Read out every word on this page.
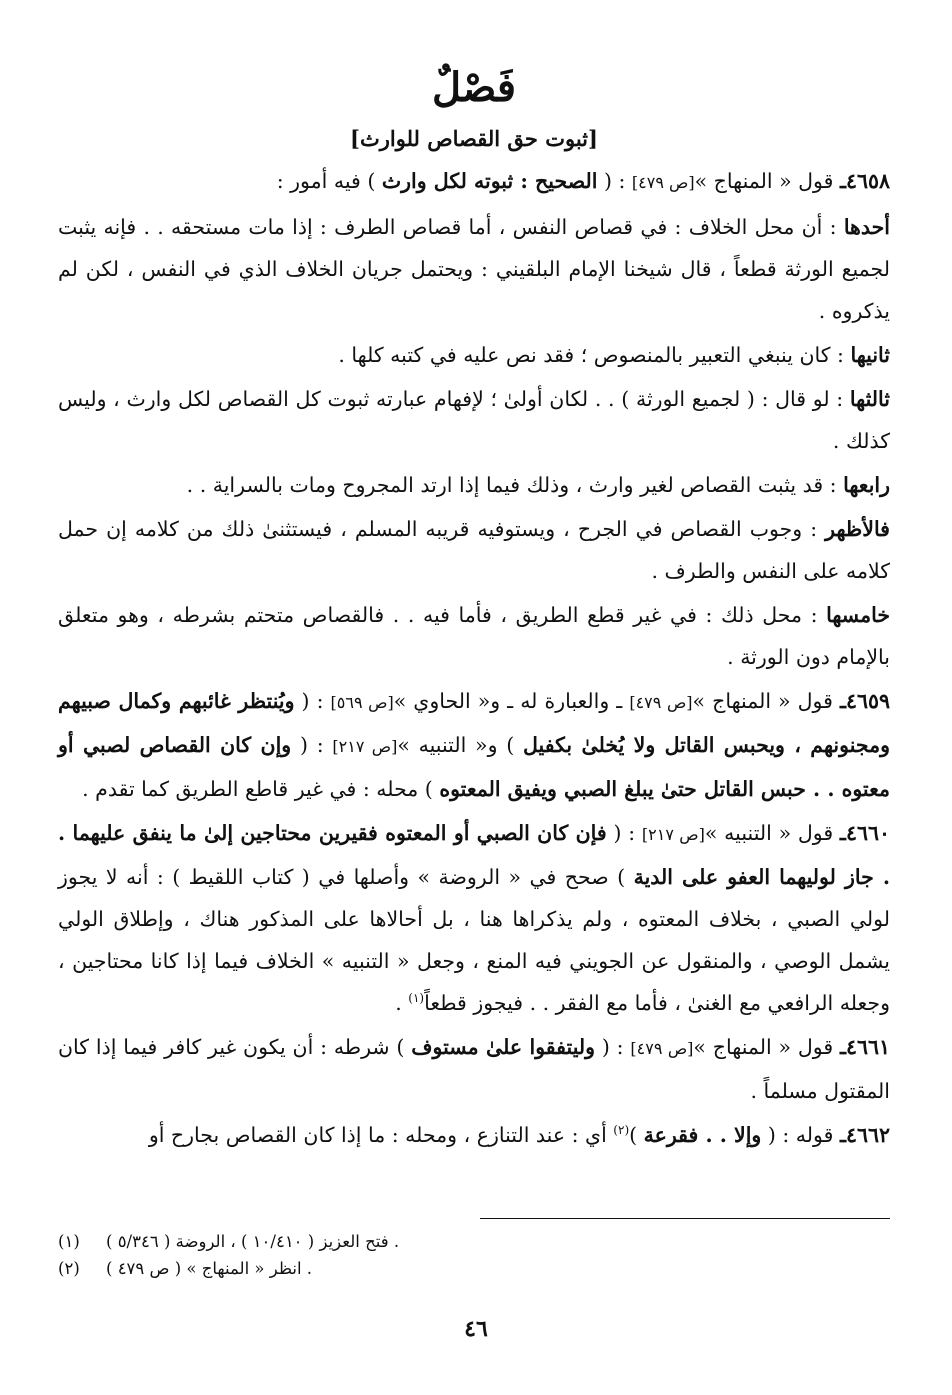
فَصْلٌ
[ثبوت حق القصاص للوارث]

٤٦٥٨ـ قول « المنهاج »[ص ٤٧٩] : ( الصحيح : ثبوته لكل وارث ) فيه أمور :

أحدها : أن محل الخلاف : في قصاص النفس ، أما قصاص الطرف : إذا مات مستحقه . . فإنه يثبت لجميع الورثة قطعاً ، قال شيخنا الإمام البلقيني : ويحتمل جريان الخلاف الذي في النفس ، لكن لم يذكروه .

ثانيها : كان ينبغي التعبير بالمنصوص ؛ فقد نص عليه في كتبه كلها .

ثالثها : لو قال : ( لجميع الورثة ) . . لكان أولىٰ ؛ لإفهام عبارته ثبوت كل القصاص لكل وارث ، وليس كذلك .

رابعها : قد يثبت القصاص لغير وارث ، وذلك فيما إذا ارتد المجروح ومات بالسراية . .

فالأظهر : وجوب القصاص في الجرح ، ويستوفيه قريبه المسلم ، فيستثنىٰ ذلك من كلامه إن حمل كلامه على النفس والطرف .

خامسها : محل ذلك : في غير قطع الطريق ، فأما فيه . . فالقصاص متحتم بشرطه ، وهو متعلق بالإمام دون الورثة .

٤٦٥٩ـ قول « المنهاج »[ص ٤٧٩] ـ والعبارة له ـ و« الحاوي »[ص ٥٦٩] : ( ويُنتظر غائبهم وكمال صبيهم ومجنونهم ، ويحبس القاتل ولا يُخلىٰ بكفيل ) و« التنبيه »[ص ٢١٧] : ( وإن كان القصاص لصبي أو معتوه . . حبس القاتل حتىٰ يبلغ الصبي ويفيق المعتوه ) محله : في غير قاطع الطريق كما تقدم .

٤٦٦٠ـ قول « التنبيه »[ص ٢١٧] : ( فإن كان الصبي أو المعتوه فقيرين محتاجين إلىٰ ما ينفق عليهما . . جاز لوليهما العفو على الدية ) صحح في « الروضة » وأصلها في ( كتاب اللقيط ) : أنه لا يجوز لولي الصبي ، بخلاف المعتوه ، ولم يذكراها هنا ، بل أحالاها على المذكور هناك ، وإطلاق الولي يشمل الوصي ، والمنقول عن الجويني فيه المنع ، وجعل « التنبيه » الخلاف فيما إذا كانا محتاجين ، وجعله الرافعي مع الغنىٰ ، فأما مع الفقر . . فيجوز قطعاً$^{(١)}$ .

٤٦٦١ـ قول « المنهاج »[ص ٤٧٩] : ( وليتفقوا علىٰ مستوف ) شرطه : أن يكون غير كافر فيما إذا كان المقتول مسلماً .

٤٦٦٢ـ قوله : ( وإلا . . فقرعة )$^{(٢)}$ أي : عند التنازع ، ومحله : ما إذا كان القصاص بجارح أو

(١)	فتح العزيز ( ١٠/٤١٠ ) ، الروضة ( ٥/٣٤٦ ) .
(٢)	انظر « المنهاج » ( ص ٤٧٩ ) .
٤٦
